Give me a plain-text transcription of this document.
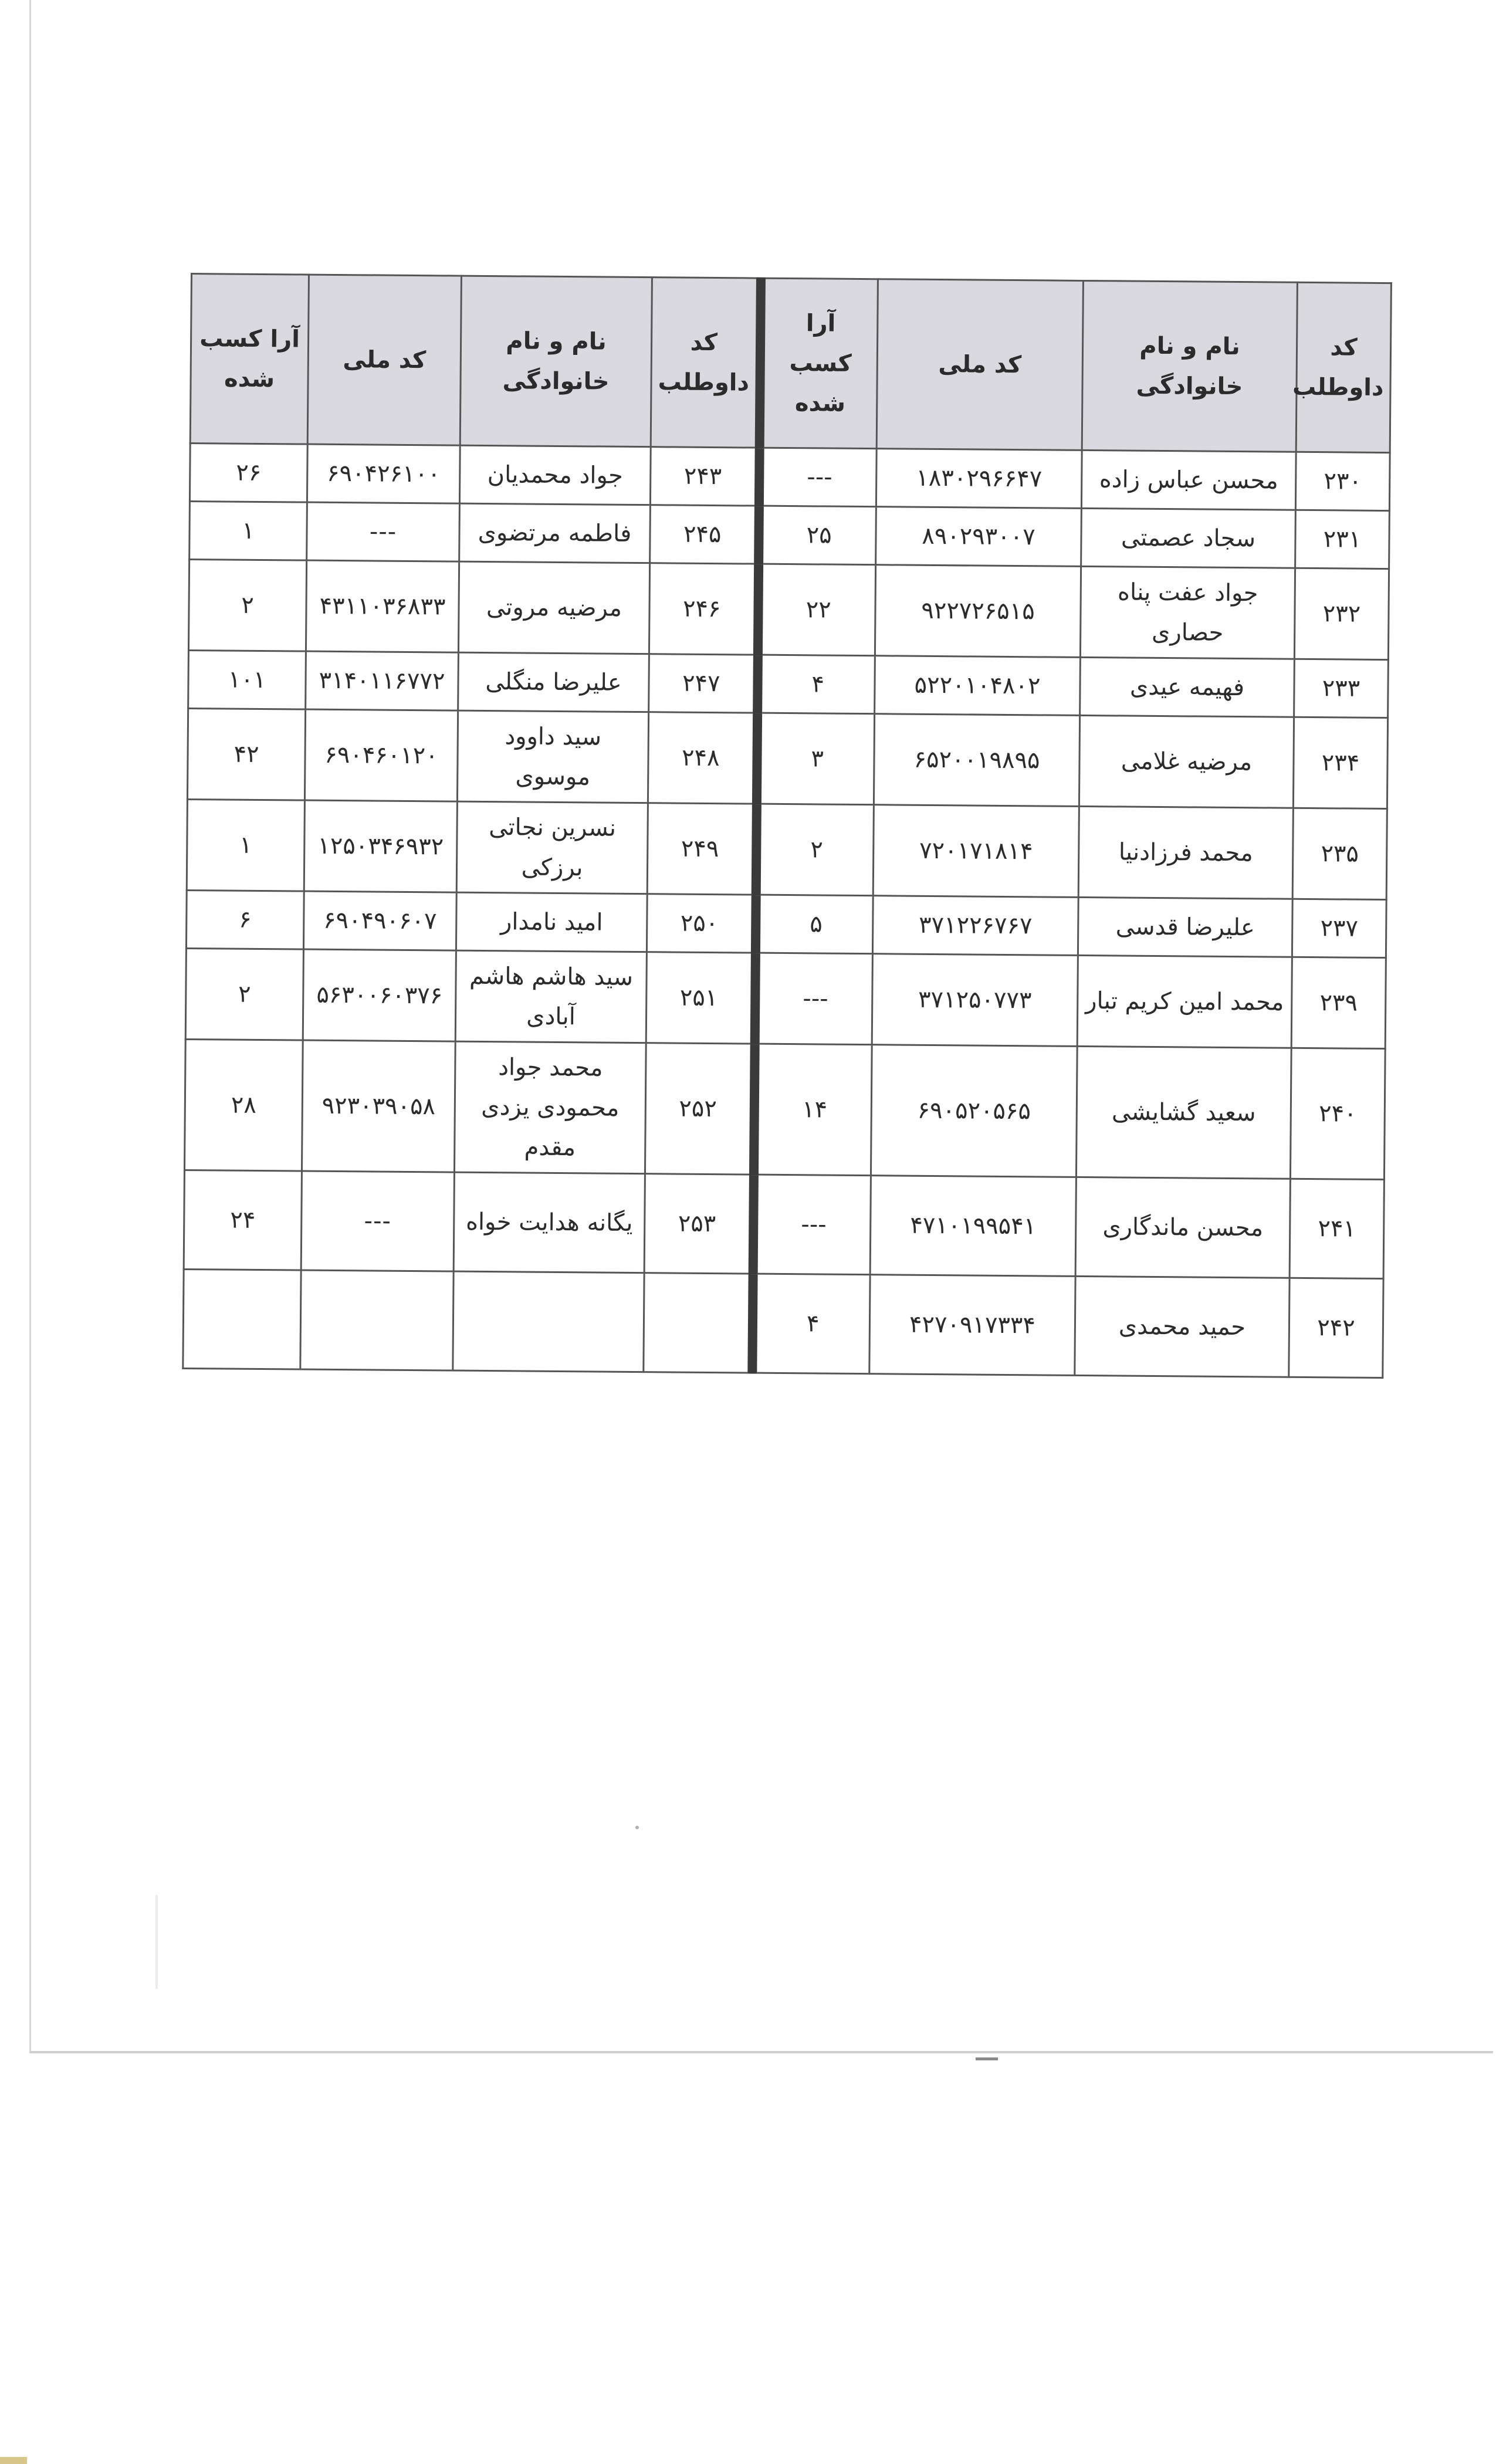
کد داوطلب	نام و نام خانوادگی	کد ملی	آرا کسب شده	کد داوطلب	نام و نام خانوادگی	کد ملی	آرا کسب شده
۲۳۰	محسن عباس زاده	۱۸۳۰۲۹۶۶۴۷	---	۲۴۳	جواد محمدیان	۶۹۰۴۲۶۱۰۰	۲۶
۲۳۱	سجاد عصمتی	۸۹۰۲۹۳۰۰۷	۲۵	۲۴۵	فاطمه مرتضوی	---	۱
۲۳۲	جواد عفت پناه حصاری	۹۲۲۷۲۶۵۱۵	۲۲	۲۴۶	مرضیه مروتی	۴۳۱۱۰۳۶۸۳۳	۲
۲۳۳	فهیمه عیدی	۵۲۲۰۱۰۴۸۰۲	۴	۲۴۷	علیرضا منگلی	۳۱۴۰۱۱۶۷۷۲	۱۰۱
۲۳۴	مرضیه غلامی	۶۵۲۰۰۱۹۸۹۵	۳	۲۴۸	سید داوود موسوی	۶۹۰۴۶۰۱۲۰	۴۲
۲۳۵	محمد فرزادنیا	۷۲۰۱۷۱۸۱۴	۲	۲۴۹	نسرین نجاتی برزکی	۱۲۵۰۳۴۶۹۳۲	۱
۲۳۷	علیرضا قدسی	۳۷۱۲۲۶۷۶۷	۵	۲۵۰	امید نامدار	۶۹۰۴۹۰۶۰۷	۶
۲۳۹	محمد امین کریم تبار	۳۷۱۲۵۰۷۷۳	---	۲۵۱	سید هاشم هاشم آبادی	۵۶۳۰۰۶۰۳۷۶	۲
۲۴۰	سعید گشایشی	۶۹۰۵۲۰۵۶۵	۱۴	۲۵۲	محمد جواد محمودی یزدی مقدم	۹۲۳۰۳۹۰۵۸	۲۸
۲۴۱	محسن ماندگاری	۴۷۱۰۱۹۹۵۴۱	---	۲۵۳	یگانه هدایت خواه	---	۲۴
۲۴۲	حمید محمدی	۴۲۷۰۹۱۷۳۳۴	۴				
